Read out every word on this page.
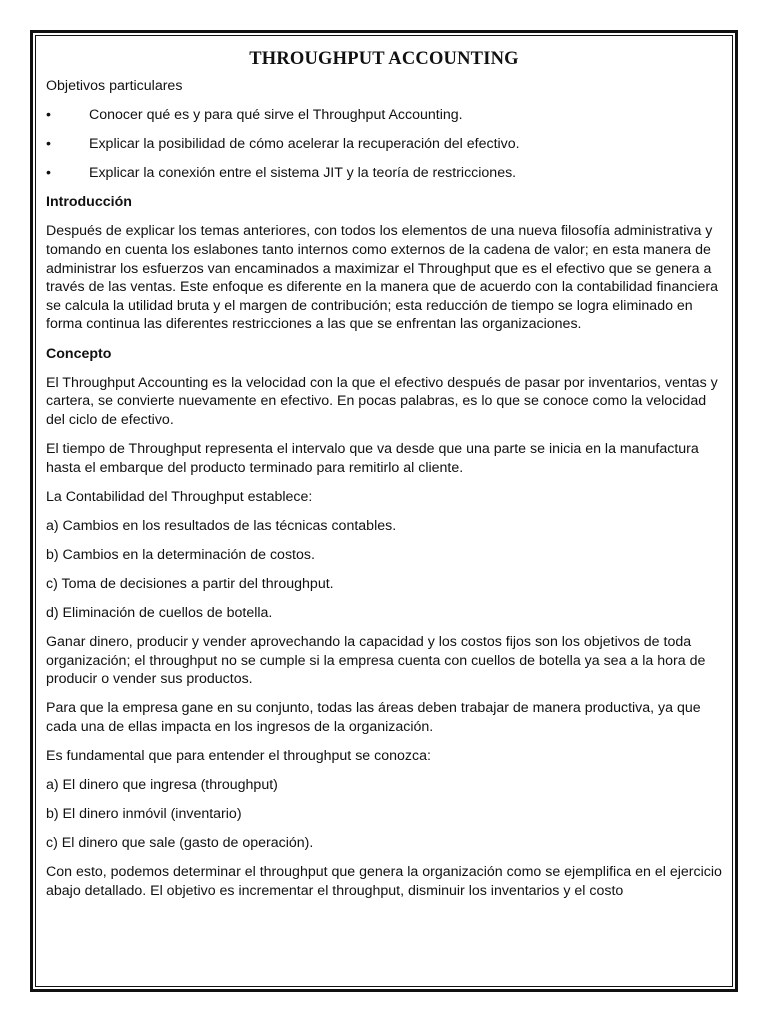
THROUGHPUT ACCOUNTING

Objetivos particulares

•	Conocer qué es y para qué sirve el Throughput Accounting.
•	Explicar la posibilidad de cómo acelerar la recuperación del efectivo.
•	Explicar la conexión entre el sistema JIT y la teoría de restricciones.

Introducción

Después de explicar los temas anteriores, con todos los elementos de una nueva filosofía administrativa y tomando en cuenta los eslabones tanto internos como externos de la cadena de valor; en esta manera de administrar los esfuerzos van encaminados a maximizar el Throughput que es el efectivo que se genera a través de las ventas. Este enfoque es diferente en la manera que de acuerdo con la contabilidad financiera se calcula la utilidad bruta y el margen de contribución; esta reducción de tiempo se logra eliminado en forma continua las diferentes restricciones a las que se enfrentan las organizaciones.

Concepto

El Throughput Accounting es la velocidad con la que el efectivo después de pasar por inventarios, ventas y cartera, se convierte nuevamente en efectivo. En pocas palabras, es lo que se conoce como la velocidad del ciclo de efectivo.

El tiempo de Throughput representa el intervalo que va desde que una parte se inicia en la manufactura hasta el embarque del producto terminado para remitirlo al cliente.

La Contabilidad del Throughput establece:

a) Cambios en los resultados de las técnicas contables.

b) Cambios en la determinación de costos.

c) Toma de decisiones a partir del throughput.

d) Eliminación de cuellos de botella.

Ganar dinero, producir y vender aprovechando la capacidad y los costos fijos son los objetivos de toda organización; el throughput no se cumple si la empresa cuenta con cuellos de botella ya sea a la hora de producir o vender sus productos.

Para que la empresa gane en su conjunto, todas las áreas deben trabajar de manera productiva, ya que cada una de ellas impacta en los ingresos de la organización.

Es fundamental que para entender el throughput se conozca:

a) El dinero que ingresa (throughput)

b) El dinero inmóvil (inventario)

c) El dinero que sale (gasto de operación).

Con esto, podemos determinar el throughput que genera la organización como se ejemplifica en el ejercicio abajo detallado. El objetivo es incrementar el throughput, disminuir los inventarios y el costo
